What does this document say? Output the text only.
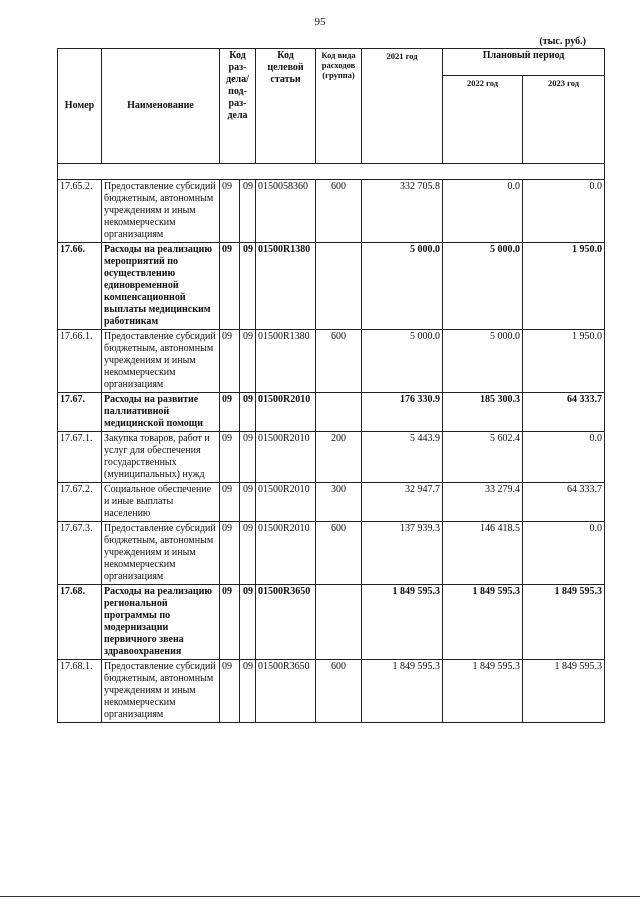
95
(тыс. руб.)
Номер	Наименование	Код раз- дела/ под- раз- дела		Код целевой статьи	Код вида расходов (группа)	2021 год	Плановый период	
							2022 год	2023 год

17.65.2.	Предоставление субсидий бюджетным, автономным учреждениям и иным некоммерческим организациям	09	09	0150058360	600	332 705.8	0.0	0.0
17.66.	Расходы на реализацию мероприятий по осуществлению единовременной компенсационной выплаты медицинским работникам	09	09	01500R1380		5 000.0	5 000.0	1 950.0
17.66.1.	Предоставление субсидий бюджетным, автономным учреждениям и иным некоммерческим организациям	09	09	01500R1380	600	5 000.0	5 000.0	1 950.0
17.67.	Расходы на развитие паллиативной медицинской помощи	09	09	01500R2010		176 330.9	185 300.3	64 333.7
17.67.1.	Закупка товаров, работ и услуг для обеспечения государственных (муниципальных) нужд	09	09	01500R2010	200	5 443.9	5 602.4	0.0
17.67.2.	Социальное обеспечение и иные выплаты населению	09	09	01500R2010	300	32 947.7	33 279.4	64 333.7
17.67.3.	Предоставление субсидий бюджетным, автономным учреждениям и иным некоммерческим организациям	09	09	01500R2010	600	137 939.3	146 418.5	0.0
17.68.	Расходы на реализацию региональной программы по модернизации первичного звена здравоохранения	09	09	01500R3650		1 849 595.3	1 849 595.3	1 849 595.3
17.68.1.	Предоставление субсидий бюджетным, автономным учреждениям и иным некоммерческим организациям	09	09	01500R3650	600	1 849 595.3	1 849 595.3	1 849 595.3
